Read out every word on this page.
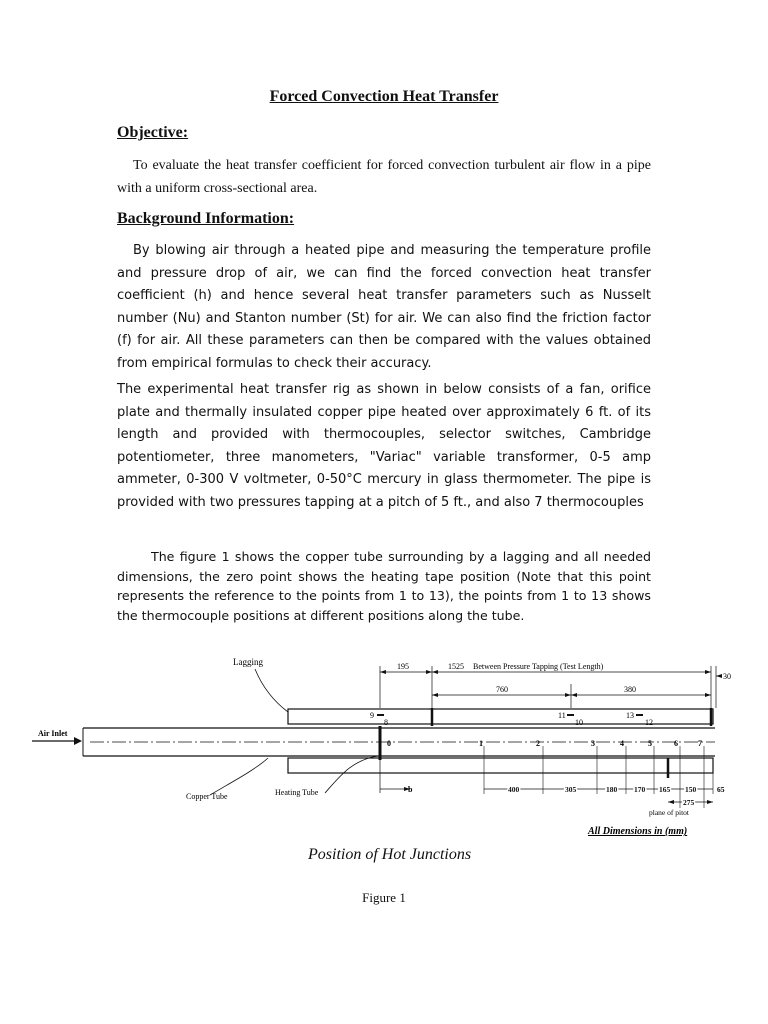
Forced Convection Heat Transfer
Objective:
To evaluate the heat transfer coefficient for forced convection turbulent air flow in a pipe with a uniform cross-sectional area.
Background Information:
By blowing air through a heated pipe and measuring the temperature profile and pressure drop of air, we can find the forced convection heat transfer coefficient (h) and hence several heat transfer parameters such as Nusselt number (Nu) and Stanton number (St) for air. We can also find the friction factor (f) for air. All these parameters can then be compared with the values obtained from empirical formulas to check their accuracy.
The experimental heat transfer rig as shown in below consists of a fan, orifice plate and thermally insulated copper pipe heated over approximately 6 ft. of its length and provided with thermocouples, selector switches, Cambridge potentiometer, three manometers, "Variac" variable transformer, 0-5 amp ammeter, 0-300 V voltmeter, 0-50°C mercury in glass thermometer. The pipe is provided with two pressures tapping at a pitch of 5 ft., and also 7 thermocouples
The figure 1 shows the copper tube surrounding by a lagging and all needed dimensions, the zero point shows the heating tape position (Note that this point represents the reference to the points from 1 to 13), the points from 1 to 13 shows the thermocouple positions at different positions along the tube.
Lagging
Air Inlet
Copper Tube	Heating Tube
195	1525 Between Pressure Tapping (Test Length)
30
760	380
9
8
11
10
13
12
0	1	2	3	4	5	6	7
b	400	305	180 170 165 150	65
275
plane of pitot
All Dimensions in (mm)
Position of Hot Junctions
Figure 1
